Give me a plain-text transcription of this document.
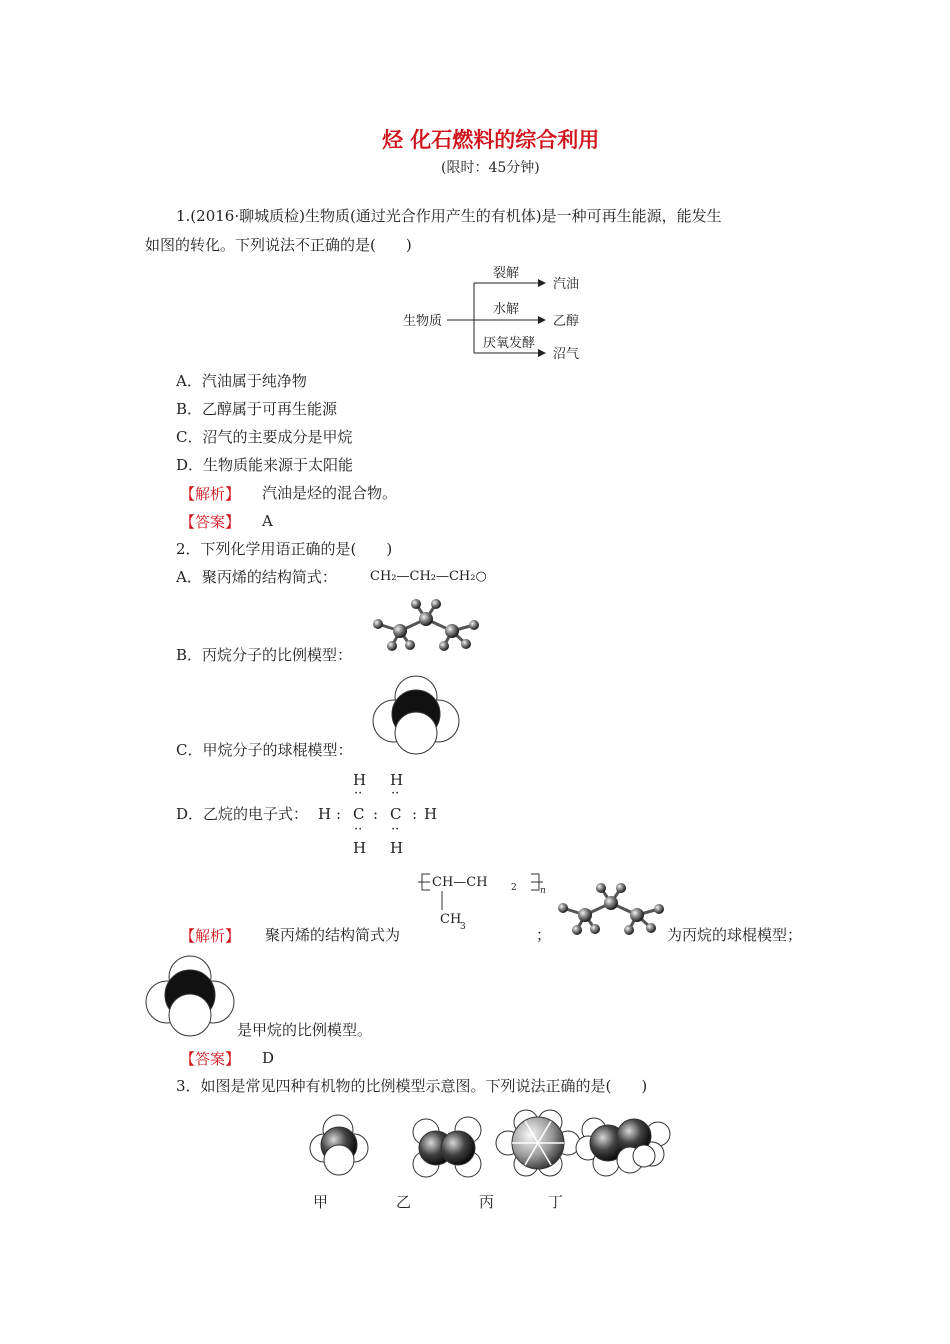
烃 化石燃料的综合利用
(限时：45分钟)
1.(2016·聊城质检)生物质(通过光合作用产生的有机体)是一种可再生能源，能发生
如图的转化。下列说法不正确的是(　　)
生物质
裂解
水解
厌氧发酵
汽油
乙醇
沼气
A．汽油属于纯净物
B．乙醇属于可再生能源
C．沼气的主要成分是甲烷
D．生物质能来源于太阳能
【解析】 汽油是烃的混合物。
【答案】 A
2．下列化学用语正确的是(　　)
A．聚丙烯的结构简式：	CH₂—CH₂—CH₂○
B．丙烷分子的比例模型：
C．甲烷分子的球棍模型：
D．乙烷的电子式：
H H
·· ··
H : C : C : H
·· ··
H H
【解析】 聚丙烯的结构简式为
CH—CH	2	n
CH
3	；	为丙烷的球棍模型；
是甲烷的比例模型。
【答案】 D
3．如图是常见四种有机物的比例模型示意图。下列说法正确的是(　　)
甲	乙	丙	丁
